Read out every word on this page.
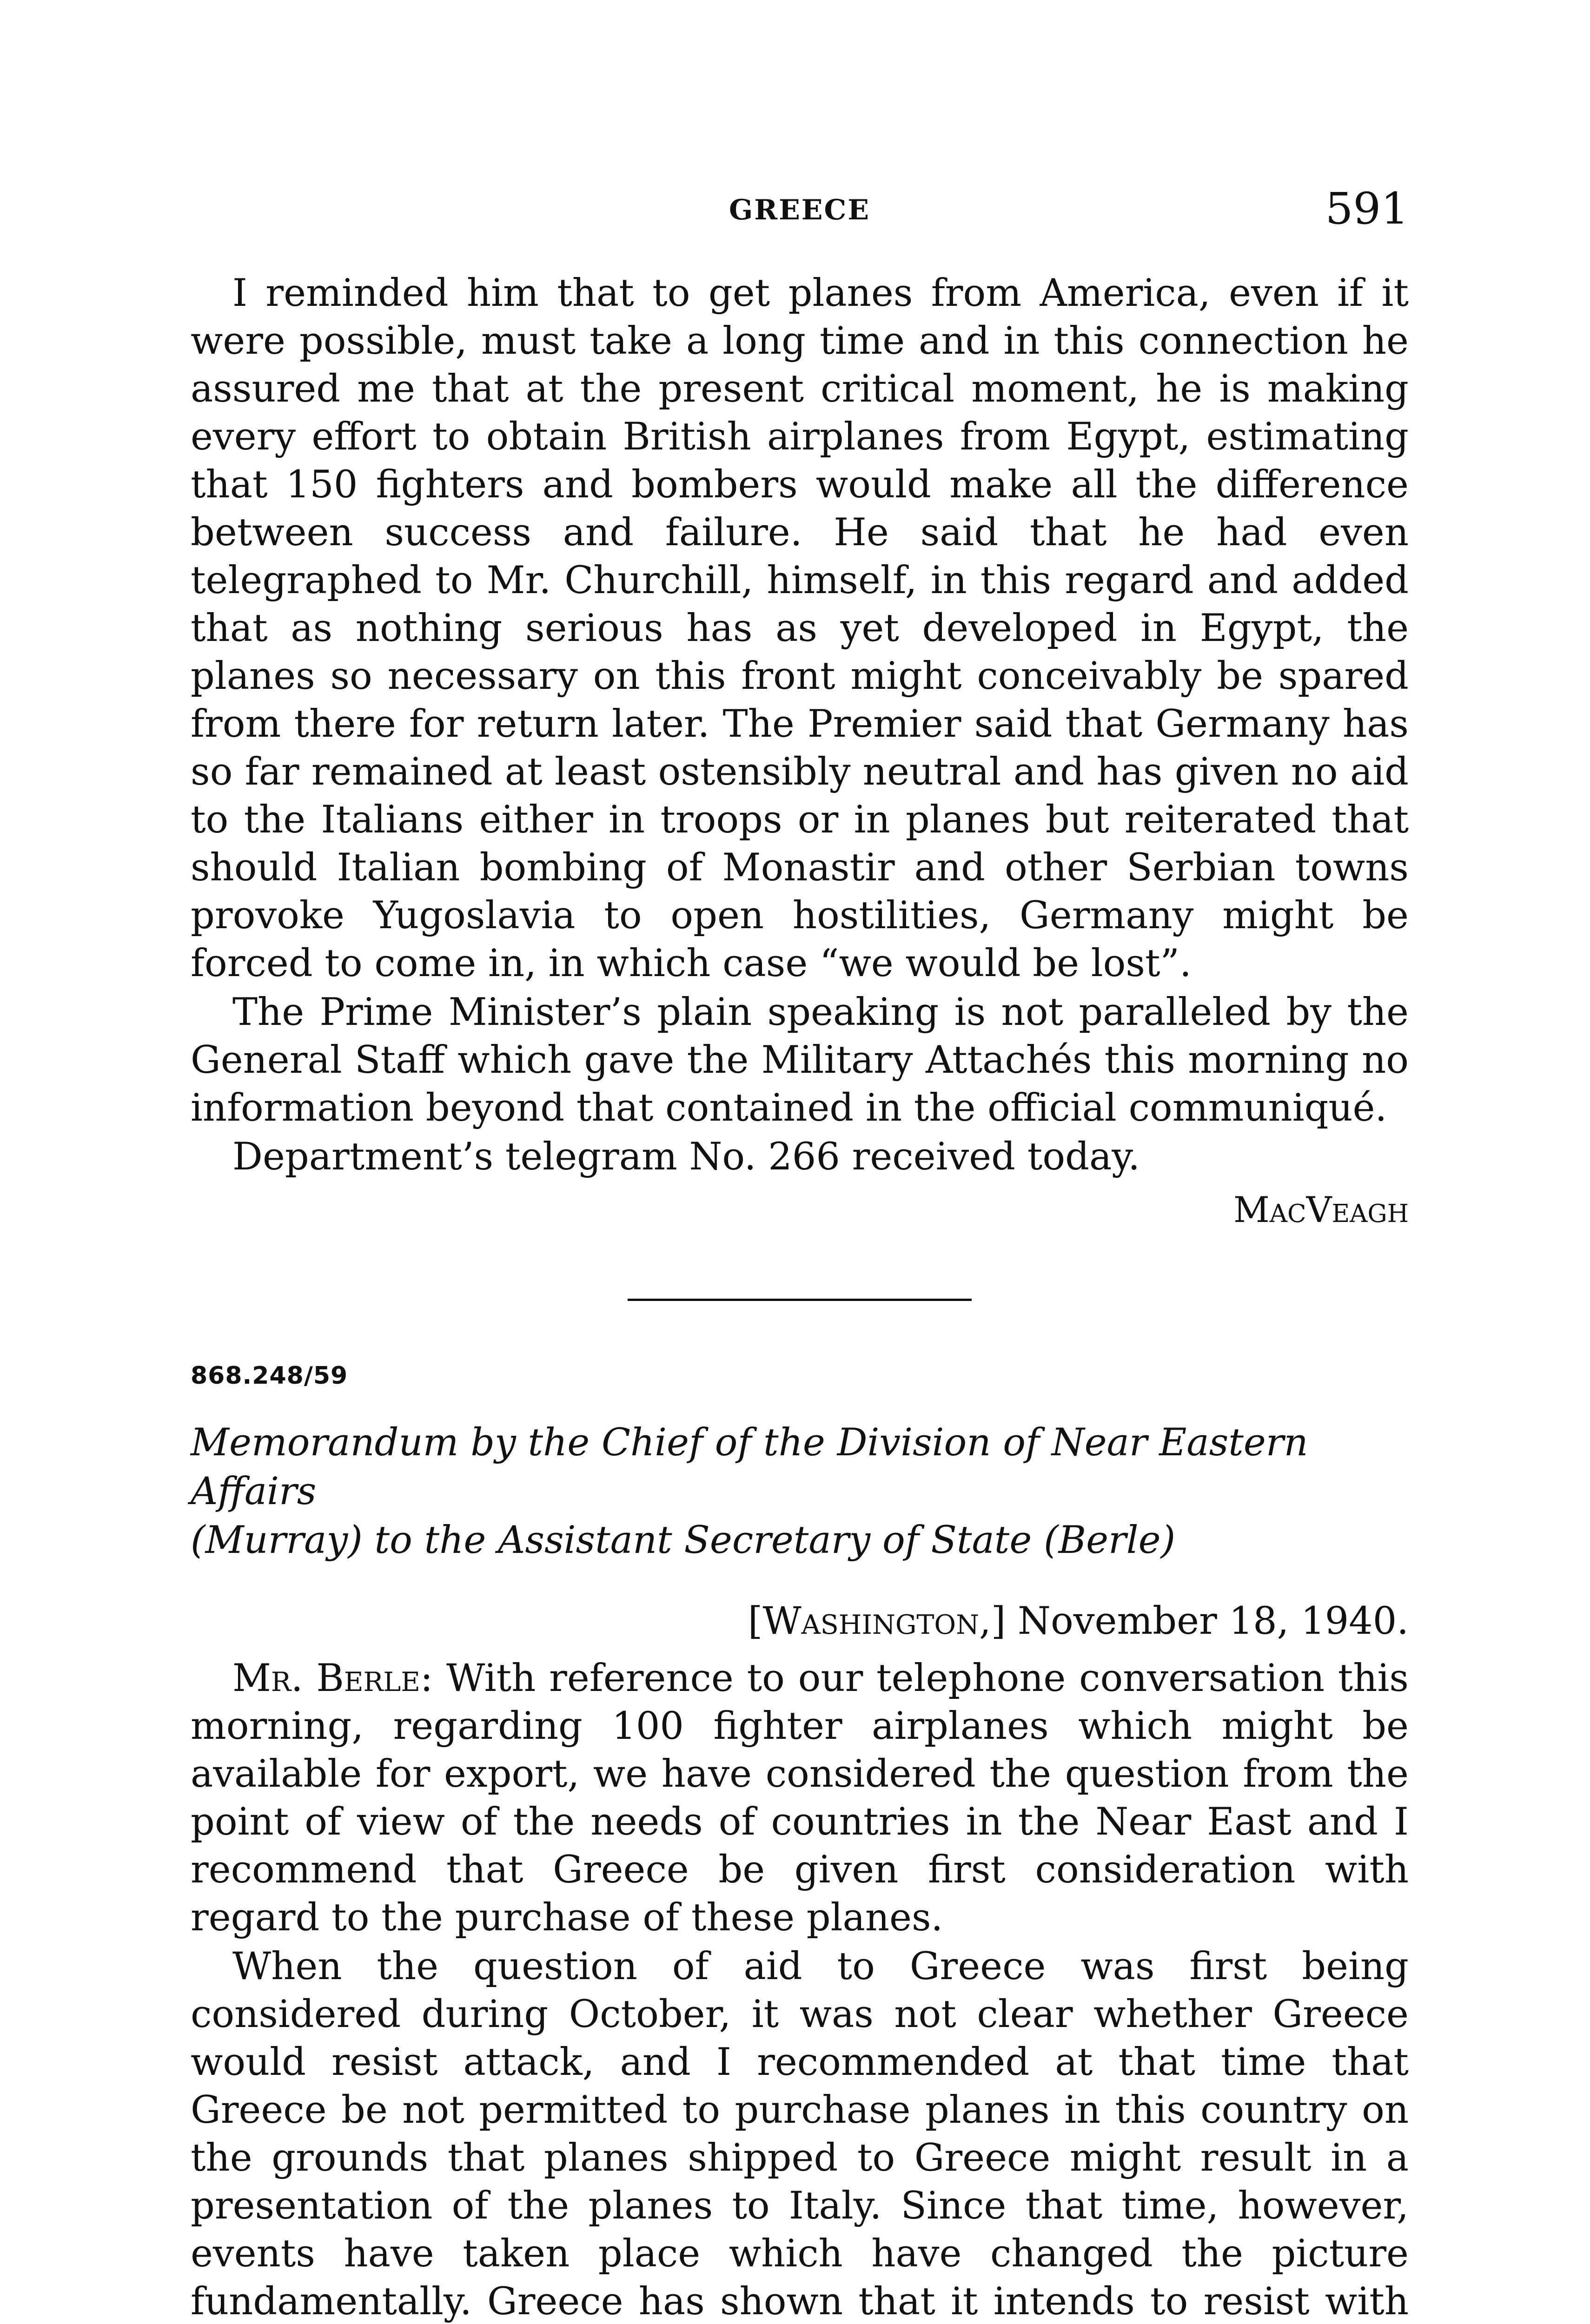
GREECE	591

I reminded him that to get planes from America, even if it were possible, must take a long time and in this connection he assured me that at the present critical moment, he is making every effort to obtain British airplanes from Egypt, estimating that 150 fighters and bombers would make all the difference between success and failure. He said that he had even telegraphed to Mr. Churchill, himself, in this regard and added that as nothing serious has as yet developed in Egypt, the planes so necessary on this front might conceivably be spared from there for return later. The Premier said that Germany has so far remained at least ostensibly neutral and has given no aid to the Italians either in troops or in planes but reiterated that should Italian bombing of Monastir and other Serbian towns provoke Yugoslavia to open hostilities, Germany might be forced to come in, in which case “we would be lost”.

The Prime Minister’s plain speaking is not paralleled by the General Staff which gave the Military Attachés this morning no information beyond that contained in the official communiqué.

Department’s telegram No. 266 received today.

MacVeagh

868.248/59

Memorandum by the Chief of the Division of Near Eastern Affairs

(Murray) to the Assistant Secretary of State (Berle)

[Washington,] November 18, 1940.

Mr. Berle: With reference to our telephone conversation this morning, regarding 100 fighter airplanes which might be available for export, we have considered the question from the point of view of the needs of countries in the Near East and I recommend that Greece be given first consideration with regard to the purchase of these planes.

When the question of aid to Greece was first being considered during October, it was not clear whether Greece would resist attack, and I recommended at that time that Greece be not permitted to purchase planes in this country on the grounds that planes shipped to Greece might result in a presentation of the planes to Italy. Since that time, however, events have taken place which have changed the picture fundamentally. Greece has shown that it intends to resist with
